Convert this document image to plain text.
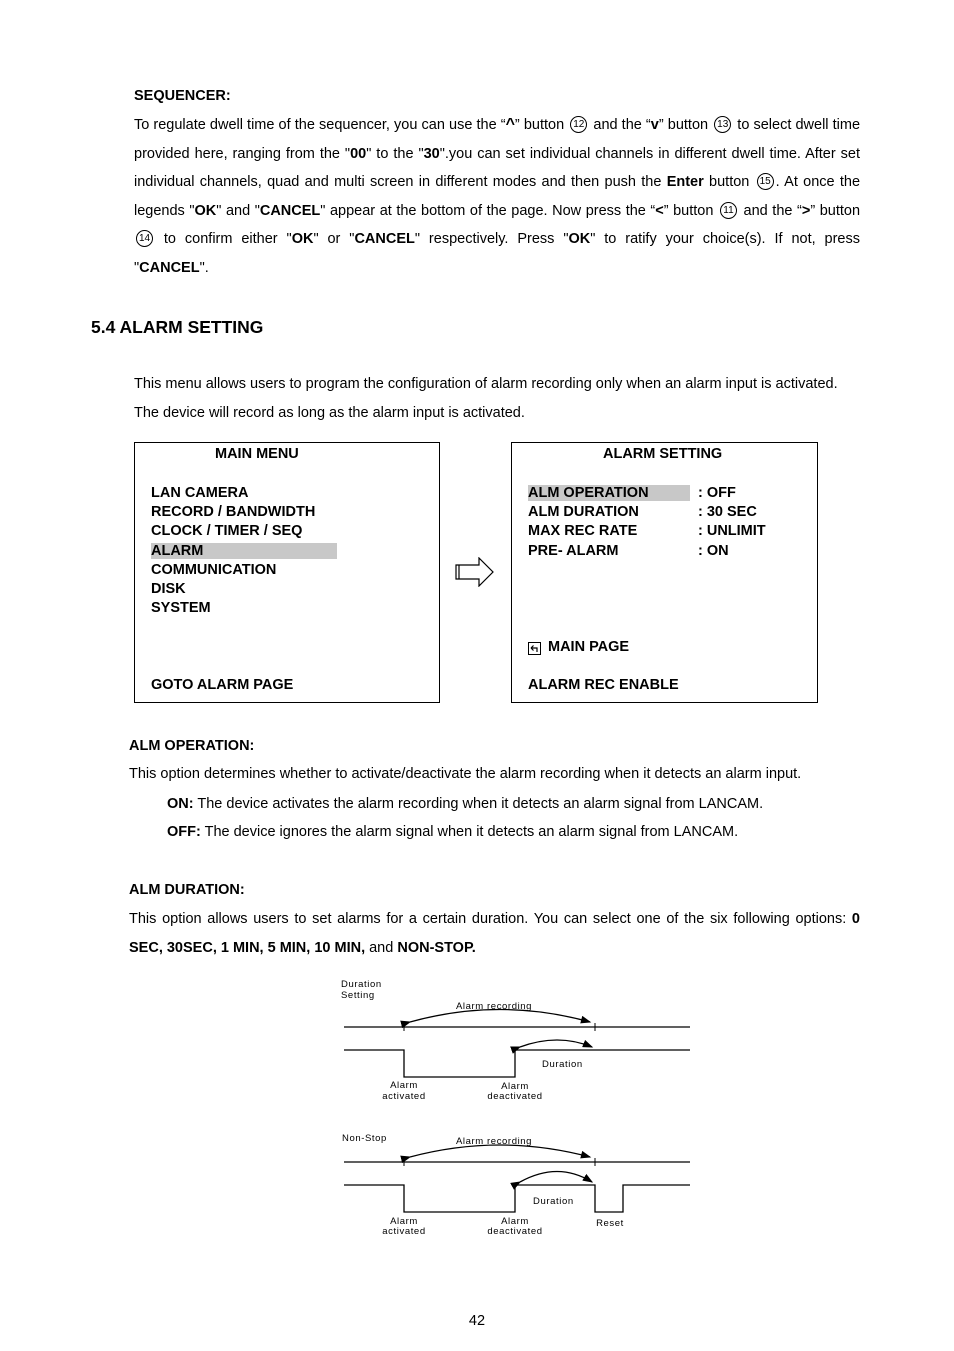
SEQUENCER:
To regulate dwell time of the sequencer, you can use the “^” button 12 and the “v” button 13 to select dwell time provided here, ranging from the "00" to the "30".you can set individual channels in different dwell time. After set individual channels, quad and multi screen in different modes and then push the Enter button 15 . At once the legends "OK" and "CANCEL" appear at the bottom of the page. Now press the “<” button 11 and the “>” button 14 to confirm either "OK" or "CANCEL" respectively. Press "OK" to ratify your choice(s). If not, press "CANCEL".
5.4 ALARM SETTING
This menu allows users to program the configuration of alarm recording only when an alarm input is activated. The device will record as long as the alarm input is activated.
MAIN MENU
LAN CAMERA
RECORD / BANDWIDTH
CLOCK / TIMER / SEQ
ALARM
COMMUNICATION
DISK
SYSTEM
GOTO ALARM PAGE
ALARM SETTING
ALM OPERATION	: OFF
ALM DURATION	: 30 SEC
MAX REC RATE	: UNLIMIT
PRE- ALARM	: ON
MAIN PAGE
ALARM REC ENABLE
ALM OPERATION:
This option determines whether to activate/deactivate the alarm recording when it detects an alarm input.
ON: The device activates the alarm recording when it detects an alarm signal from LANCAM.
OFF: The device ignores the alarm signal when it detects an alarm signal from LANCAM.
ALM DURATION:
This option allows users to set alarms for a certain duration. You can select one of the six following options: 0 SEC, 30SEC, 1 MIN, 5 MIN, 10 MIN, and NON-STOP.
Duration
Setting
Alarm recording
Duration
Alarm
activated
Alarm
deactivated
Non-Stop	Alarm recording
Duration
Alarm
activated
Alarm
deactivated
Reset
42
